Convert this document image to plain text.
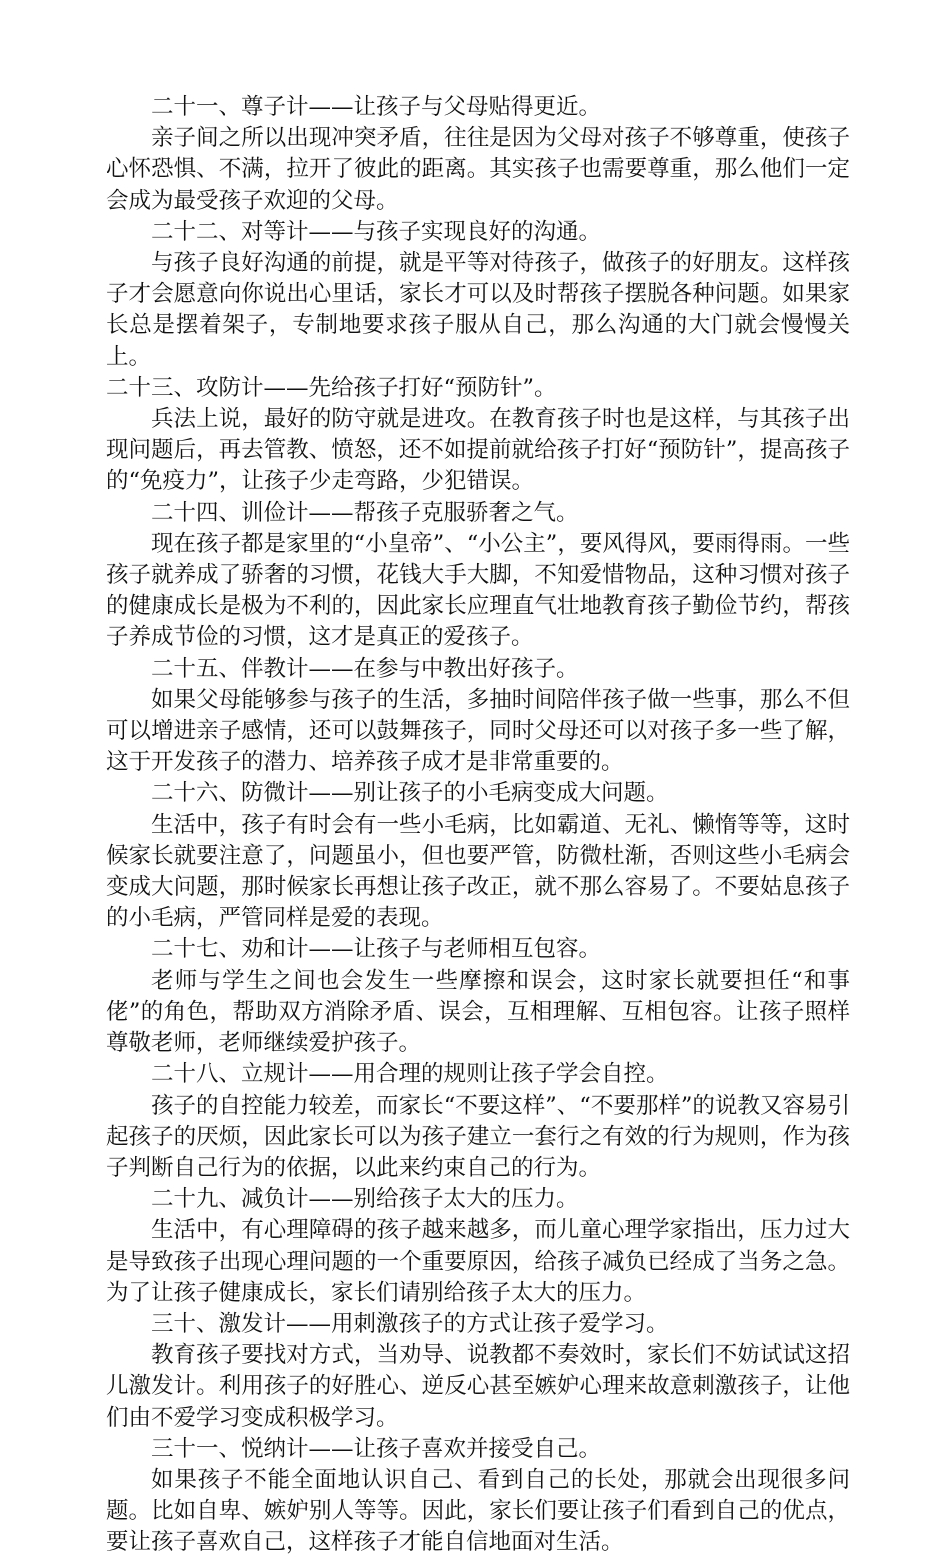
二十一、尊子计——让孩子与父母贴得更近。

亲子间之所以出现冲突矛盾，往往是因为父母对孩子不够尊重，使孩子心怀恐惧、不满，拉开了彼此的距离。其实孩子也需要尊重，那么他们一定会成为最受孩子欢迎的父母。

二十二、对等计——与孩子实现良好的沟通。

与孩子良好沟通的前提，就是平等对待孩子，做孩子的好朋友。这样孩子才会愿意向你说出心里话，家长才可以及时帮孩子摆脱各种问题。如果家长总是摆着架子，专制地要求孩子服从自己，那么沟通的大门就会慢慢关上。

二十三、攻防计——先给孩子打好“预防针”。

兵法上说，最好的防守就是进攻。在教育孩子时也是这样，与其孩子出现问题后，再去管教、愤怒，还不如提前就给孩子打好“预防针”，提高孩子的“免疫力”，让孩子少走弯路，少犯错误。

二十四、训俭计——帮孩子克服骄奢之气。

现在孩子都是家里的“小皇帝”、“小公主”，要风得风，要雨得雨。一些孩子就养成了骄奢的习惯，花钱大手大脚，不知爱惜物品，这种习惯对孩子的健康成长是极为不利的，因此家长应理直气壮地教育孩子勤俭节约，帮孩子养成节俭的习惯，这才是真正的爱孩子。

二十五、伴教计——在参与中教出好孩子。

如果父母能够参与孩子的生活，多抽时间陪伴孩子做一些事，那么不但可以增进亲子感情，还可以鼓舞孩子，同时父母还可以对孩子多一些了解，这于开发孩子的潜力、培养孩子成才是非常重要的。

二十六、防微计——别让孩子的小毛病变成大问题。

生活中，孩子有时会有一些小毛病，比如霸道、无礼、懒惰等等，这时候家长就要注意了，问题虽小，但也要严管，防微杜渐，否则这些小毛病会变成大问题，那时候家长再想让孩子改正，就不那么容易了。不要姑息孩子的小毛病，严管同样是爱的表现。

二十七、劝和计——让孩子与老师相互包容。

老师与学生之间也会发生一些摩擦和误会，这时家长就要担任“和事佬”的角色，帮助双方消除矛盾、误会，互相理解、互相包容。让孩子照样尊敬老师，老师继续爱护孩子。

二十八、立规计——用合理的规则让孩子学会自控。

孩子的自控能力较差，而家长“不要这样”、“不要那样”的说教又容易引起孩子的厌烦，因此家长可以为孩子建立一套行之有效的行为规则，作为孩子判断自己行为的依据，以此来约束自己的行为。

二十九、减负计——别给孩子太大的压力。

生活中，有心理障碍的孩子越来越多，而儿童心理学家指出，压力过大是导致孩子出现心理问题的一个重要原因，给孩子减负已经成了当务之急。为了让孩子健康成长，家长们请别给孩子太大的压力。

三十、激发计——用刺激孩子的方式让孩子爱学习。

教育孩子要找对方式，当劝导、说教都不奏效时，家长们不妨试试这招儿激发计。利用孩子的好胜心、逆反心甚至嫉妒心理来故意刺激孩子，让他们由不爱学习变成积极学习。

三十一、悦纳计——让孩子喜欢并接受自己。

如果孩子不能全面地认识自己、看到自己的长处，那就会出现很多问题。比如自卑、嫉妒别人等等。因此，家长们要让孩子们看到自己的优点，要让孩子喜欢自己，这样孩子才能自信地面对生活。
